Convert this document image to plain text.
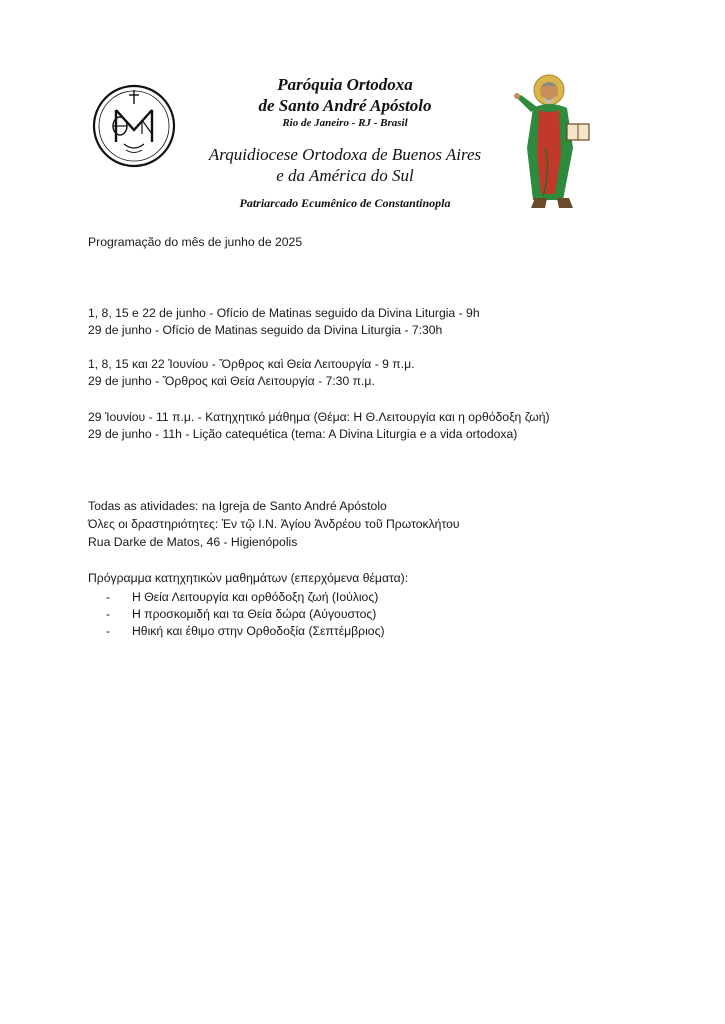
Paróquia Ortodoxa
de Santo André Apóstolo
Rio de Janeiro - RJ - Brasil
Arquidiocese Ortodoxa de Buenos Aires
e da América do Sul
Patriarcado Ecumênico de Constantinopla
Programação do mês de junho de 2025
1, 8, 15 e 22 de junho - Ofício de Matinas seguido da Divina Liturgia - 9h
29 de junho - Ofício de Matinas seguido da Divina Liturgia - 7:30h
1, 8, 15 και 22 Ἰουνίου - Ὄρθρος καὶ Θεία Λειτουργία - 9 π.μ.
29 de junho - Ὄρθρος καὶ Θεία Λειτουργία - 7:30 π.μ.
29 Ἰουνίου - 11 π.μ. - Κατηχητικό μάθημα (Θέμα: Η Θ.Λειτουργία και η ορθόδοξη ζωή)
29 de junho - 11h - Lição catequética (tema: A Divina Liturgia e a vida ortodoxa)
Todas as atividades: na Igreja de Santo André Apóstolo
Όλες οι δραστηριότητες: Ἐν τῷ Ι.Ν. Ἁγίου Ἀνδρέου τοῦ Πρωτοκλήτου
Rua Darke de Matos, 46 - Higienópolis
Πρόγραμμα κατηχητικών μαθημάτων (επερχόμενα θέματα):
- Η Θεία Λειτουργία και ορθόδοξη ζωή (Ιούλιος)
- Η προσκομιδή και τα Θεία δώρα (Αύγουστος)
- Ηθική και έθιμο στην Ορθοδοξία (Σεπτέμβριος)
